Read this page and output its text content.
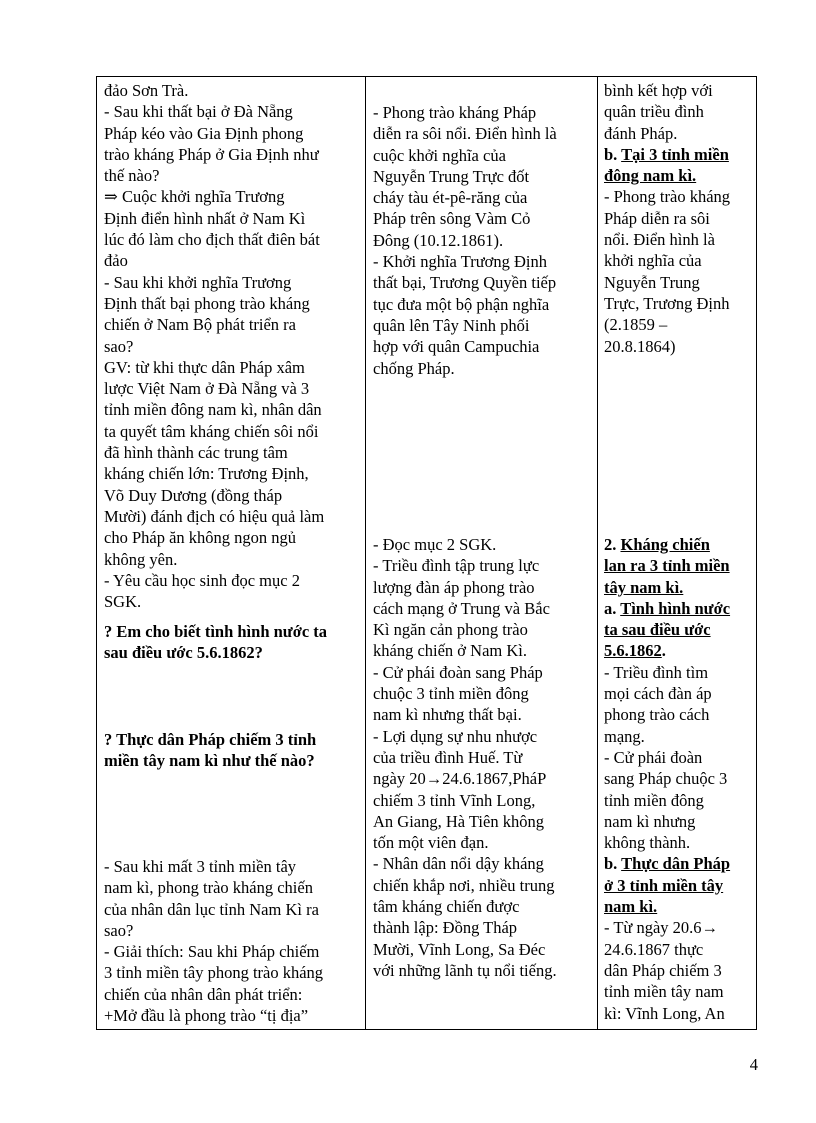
đảo Sơn Trà.
- Sau khi thất bại ở Đà Nẵng
Pháp kéo vào Gia Định phong
trào kháng Pháp ở Gia Định như
thế nào?
⇒ Cuộc khởi nghĩa Trương
Định điển hình nhất ở Nam Kì
lúc đó làm cho địch thất điên bát
đảo
- Sau khi khởi nghĩa Trương
Định thất bại phong trào kháng
chiến ở Nam Bộ phát triển ra
sao?
GV: từ khi thực dân Pháp xâm
lược Việt Nam ở Đà Nẵng và 3
tỉnh miền đông nam kì, nhân dân
ta quyết tâm kháng chiến sôi nổi
đã hình thành các trung tâm
kháng chiến lớn: Trương Định,
Võ Duy Dương (đồng tháp
Mười) đánh địch có hiệu quả làm
cho Pháp ăn không ngon ngủ
không yên.
- Yêu cầu học sinh đọc mục 2
SGK.
? Em cho biết tình hình nước ta
sau điều ước 5.6.1862?
? Thực dân Pháp chiếm 3 tỉnh
miền tây nam kì như thế nào?
- Sau khi mất 3 tỉnh miền tây
nam kì, phong trào kháng chiến
của nhân dân lục tỉnh Nam Kì ra
sao?
- Giải thích: Sau khi Pháp chiếm
3 tỉnh miền tây phong trào kháng
chiến của nhân dân phát triển:
+Mở đầu là phong trào “tị địa”
- Phong trào kháng Pháp
diễn ra sôi nổi. Điển hình là
cuộc khởi nghĩa của
Nguyễn Trung Trực đốt
cháy tàu ét-pê-răng của
Pháp trên sông Vàm Cỏ
Đông (10.12.1861).
- Khởi nghĩa Trương Định
thất bại, Trương Quyền tiếp
tục đưa một bộ phận nghĩa
quân lên Tây Ninh phối
hợp với quân Campuchia
chống Pháp.
- Đọc mục 2 SGK.
- Triều đình tập trung lực
lượng đàn áp phong trào
cách mạng ở Trung và Bắc
Kì ngăn cản phong trào
kháng chiến ở Nam Kì.
- Cử phái đoàn sang Pháp
chuộc 3 tỉnh miền đông
nam kì nhưng thất bại.
- Lợi dụng sự nhu nhược
của triều đình Huế. Từ
ngày 20→24.6.1867,PháP
chiếm 3 tỉnh Vĩnh Long,
An Giang, Hà Tiên không
tốn một viên đạn.
- Nhân dân nổi dậy kháng
chiến khắp nơi, nhiều trung
tâm kháng chiến được
thành lập: Đồng Tháp
Mười, Vĩnh Long, Sa Đéc
với những lãnh tụ nổi tiếng.
bình kết hợp với
quân triều đình
đánh Pháp.
b. Tại 3 tỉnh miền
đông nam kì.
- Phong trào kháng
Pháp diễn ra sôi
nổi. Điển hình là
khởi nghĩa của
Nguyễn Trung
Trực, Trương Định
(2.1859 –
20.8.1864)
2. Kháng chiến
lan ra 3 tỉnh miền
tây nam kì.
a. Tình hình nước
ta sau điều ước
5.6.1862.
- Triều đình tìm
mọi cách đàn áp
phong trào cách
mạng.
- Cử phái đoàn
sang Pháp chuộc 3
tỉnh miền đông
nam kì nhưng
không thành.
b. Thực dân Pháp
ở 3 tỉnh miền tây
nam kì.
- Từ ngày 20.6→
24.6.1867 thực
dân Pháp chiếm 3
tỉnh miền tây nam
kì: Vĩnh Long, An
4
